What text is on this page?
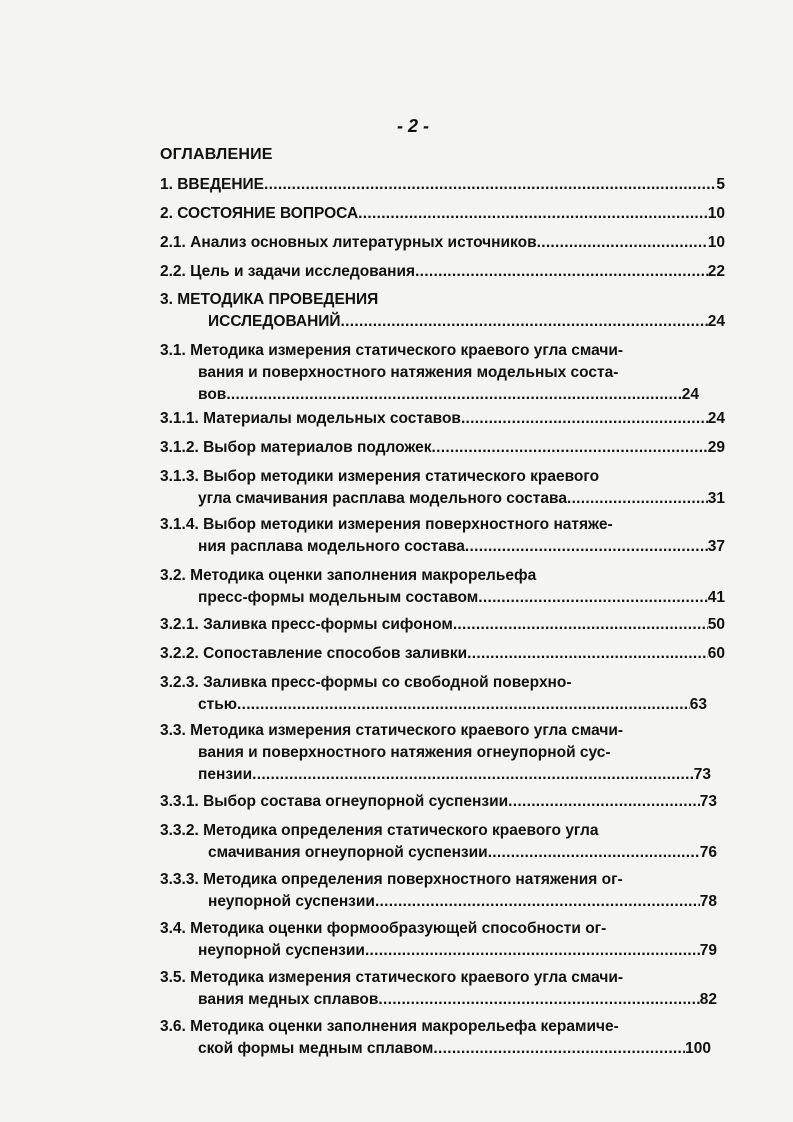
- 2 -
ОГЛАВЛЕНИЕ
1. ВВЕДЕНИЕ .....	5
2. СОСТОЯНИЕ ВОПРОСА .....	10
2.1. Анализ основных литературных источников .....	10
2.2. Цель и задачи исследования .....	22
3. МЕТОДИКА ПРОВЕДЕНИЯ
ИССЛЕДОВАНИЙ .....	24
3.1. Методика измерения статического краевого угла смачи-
вания и поверхностного натяжения модельных соста-
вов .....	24
3.1.1. Материалы модельных составов .....	24
3.1.2. Выбор материалов подложек .....	29
3.1.3. Выбор методики измерения статического краевого
угла смачивания расплава модельного состава .....	31
3.1.4. Выбор методики измерения поверхностного натяже-
ния расплава модельного состава .....	37
3.2. Методика оценки заполнения макрорельефа
пресс-формы модельным составом .....	41
3.2.1. Заливка пресс-формы сифоном .....	50
3.2.2. Сопоставление способов заливки .....	60
3.2.3. Заливка пресс-формы со свободной поверхно-
стью .....	63
3.3. Методика измерения статического краевого угла смачи-
вания и поверхностного натяжения огнеупорной сус-
пензии .....	73
3.3.1. Выбор состава огнеупорной суспензии .....	73
3.3.2. Методика определения статического краевого угла
смачивания огнеупорной суспензии .....	76
3.3.3. Методика определения поверхностного натяжения ог-
неупорной суспензии .....	78
3.4. Методика оценки формообразующей способности ог-
неупорной суспензии .....	79
3.5. Методика измерения статического краевого угла смачи-
вания медных сплавов .....	82
3.6. Методика оценки заполнения макрорельефа керамиче-
ской формы медным сплавом .....	100
